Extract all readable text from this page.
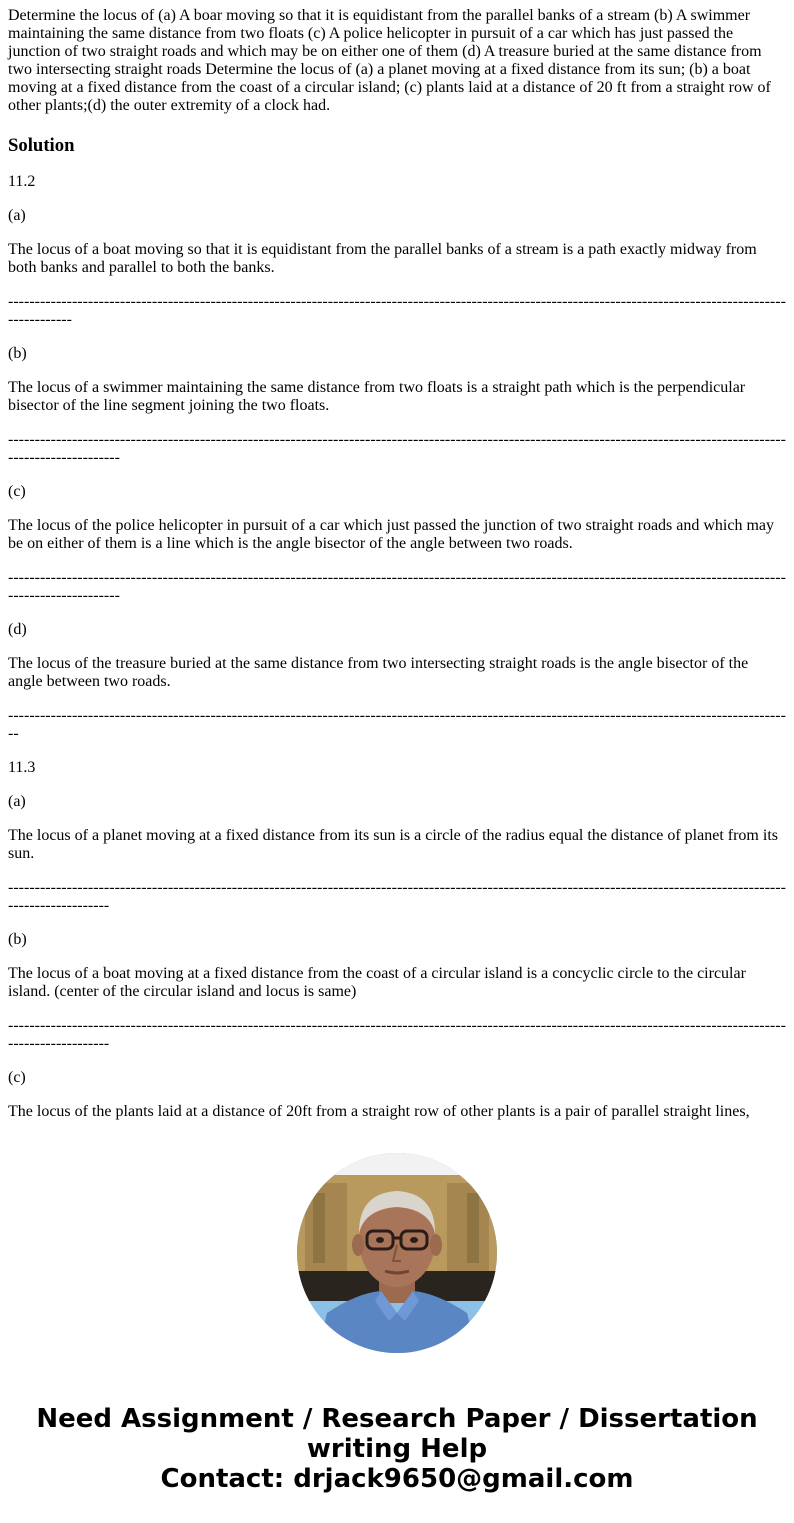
Determine the locus of (a) A boar moving so that it is equidistant from the parallel banks of a stream (b) A swimmer maintaining the same distance from two floats (c) A police helicopter in pursuit of a car which has just passed the junction of two straight roads and which may be on either one of them (d) A treasure buried at the same distance from two intersecting straight roads Determine the locus of (a) a planet moving at a fixed distance from its sun; (b) a boat moving at a fixed distance from the coast of a circular island; (c) plants laid at a distance of 20 ft from a straight row of other plants;(d) the outer extremity of a clock had.

Solution

11.2

(a)

The locus of a boat moving so that it is equidistant from the parallel banks of a stream is a path exactly midway from both banks and parallel to both the banks.

--------------------------------------------------------------------------------------------------------------------------------------------------------------

(b)

The locus of a swimmer maintaining the same distance from two floats is a straight path which is the perpendicular bisector of the line segment joining the two floats.

-----------------------------------------------------------------------------------------------------------------------------------------------------------------------

(c)

The locus of the police helicopter in pursuit of a car which just passed the junction of two straight roads and which may be on either of them is a line which is the angle bisector of the angle between two roads.

-----------------------------------------------------------------------------------------------------------------------------------------------------------------------

(d)

The locus of the treasure buried at the same distance from two intersecting straight roads is the angle bisector of the angle between two roads.

----------------------------------------------------------------------------------------------------------------------------------------------------

11.3

(a)

The locus of a planet moving at a fixed distance from its sun is a circle of the radius equal the distance of planet from its sun.

---------------------------------------------------------------------------------------------------------------------------------------------------------------------

(b)

The locus of a boat moving at a fixed distance from the coast of a circular island is a concyclic circle to the circular island. (center of the circular island and locus is same)

---------------------------------------------------------------------------------------------------------------------------------------------------------------------

(c)

The locus of the plants laid at a distance of 20ft from a straight row of other plants is a pair of parallel straight lines,

Need Assignment / Research Paper / Dissertation
writing Help
Contact: drjack9650@gmail.com
